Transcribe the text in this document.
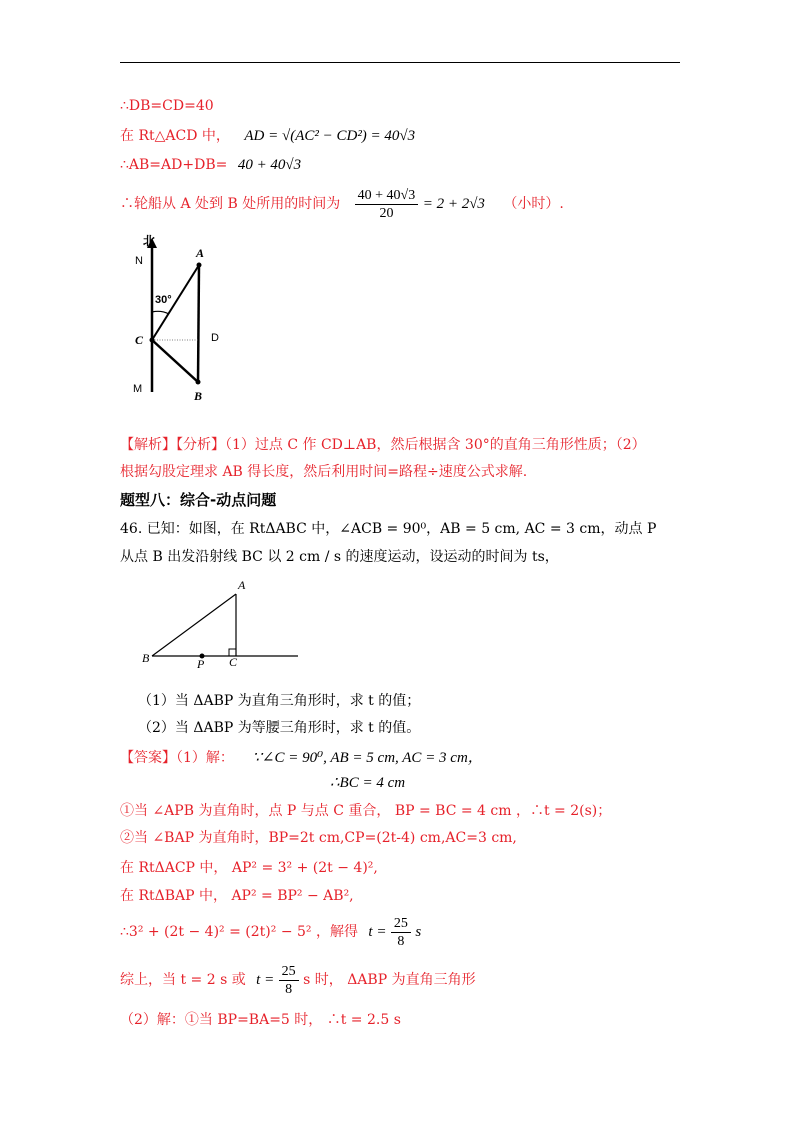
∴DB=CD=40
在 Rt△ACD 中， AD = √(AC² − CD²) = 40√3
∴AB=AD+DB= 40 + 40√3
∴轮船从 A 处到 B 处所用的时间为 $\frac{40 + 40√3}{20} = 2 + 2√3$ （小时）.
北
N
A
30°
C	D
M	B
【解析】【分析】（1）过点 C 作 CD⊥AB，然后根据含 30°的直角三角形性质；（2）
根据勾股定理求 AB 得长度，然后利用时间=路程÷速度公式求解.
题型八：综合-动点问题
46. 已知：如图，在 RtΔABC 中，∠ACB = 90⁰，AB = 5 cm, AC = 3 cm，动点 P
从点 B 出发沿射线 BC 以 2 cm / s 的速度运动，设运动的时间为 ts，
A
B	P C
（1）当 ΔABP 为直角三角形时，求 t 的值；
（2）当 ΔABP 为等腰三角形时，求 t 的值。
【答案】（1）解： ∵∠C = 90⁰, AB = 5 cm, AC = 3 cm，
∴BC = 4 cm
①当 ∠APB 为直角时，点 P 与点 C 重合， BP = BC = 4 cm ，∴t = 2(s)；
②当 ∠BAP 为直角时，BP=2t cm,CP=(2t-4) cm,AC=3 cm,
在 RtΔACP 中， AP² = 3² + (2t − 4)²,
在 RtΔBAP 中， AP² = BP² − AB²,
∴3² + (2t − 4)² = (2t)² − 5² ，解得 $t = \frac{25}{8}$ s
综上，当 t = 2 s 或 $t = \frac{25}{8}$ s 时， ΔABP 为直角三角形
（2）解：①当 BP=BA=5 时， ∴t = 2.5 s
